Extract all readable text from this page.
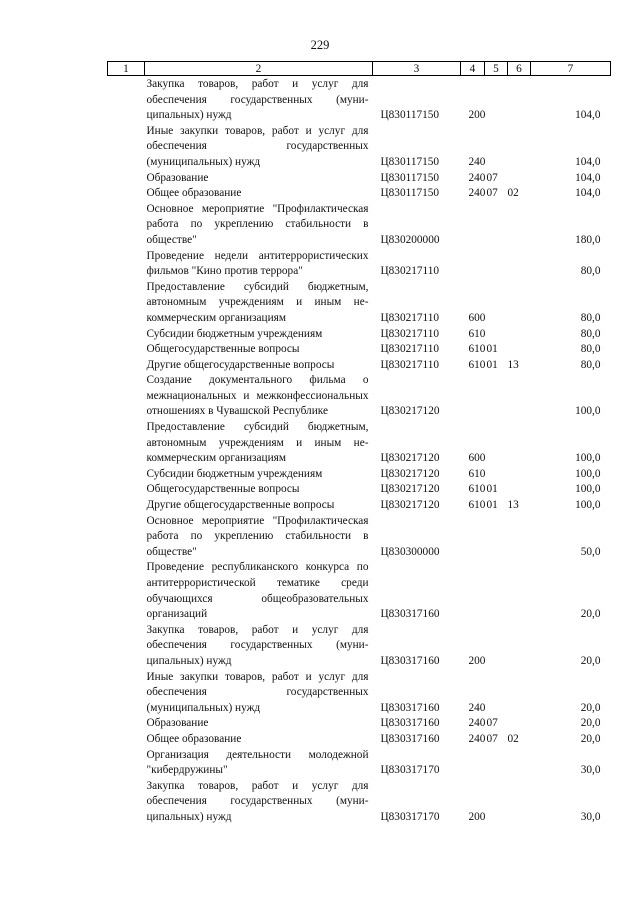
229
1	2	3	4	5	6	7
	Закупка товаров, работ и услуг для обеспечения государственных (муниципальных) нужд	Ц830117150	200			104,0
	Иные закупки товаров, работ и услуг для обеспечения государственных (муниципальных) нужд	Ц830117150	240			104,0
	Образование	Ц830117150	240	07		104,0
	Общее образование	Ц830117150	240	07	02	104,0
	Основное мероприятие "Профилактическая работа по укреплению стабильности в обществе"	Ц830200000				180,0
	Проведение недели антитеррористических фильмов "Кино против террора"	Ц830217110				80,0
	Предоставление субсидий бюджетным, автономным учреждениям и иным некоммерческим организациям	Ц830217110	600			80,0
	Субсидии бюджетным учреждениям	Ц830217110	610			80,0
	Общегосударственные вопросы	Ц830217110	610	01		80,0
	Другие общегосударственные вопросы	Ц830217110	610	01	13	80,0
	Создание документального фильма о межнациональных и межконфессиональных отношениях в Чувашской Республике	Ц830217120				100,0
	Предоставление субсидий бюджетным, автономным учреждениям и иным некоммерческим организациям	Ц830217120	600			100,0
	Субсидии бюджетным учреждениям	Ц830217120	610			100,0
	Общегосударственные вопросы	Ц830217120	610	01		100,0
	Другие общегосударственные вопросы	Ц830217120	610	01	13	100,0
	Основное мероприятие "Профилактическая работа по укреплению стабильности в обществе"	Ц830300000				50,0
	Проведение республиканского конкурса по антитеррористической тематике среди обучающихся общеобразовательных организаций	Ц830317160				20,0
	Закупка товаров, работ и услуг для обеспечения государственных (муниципальных) нужд	Ц830317160	200			20,0
	Иные закупки товаров, работ и услуг для обеспечения государственных (муниципальных) нужд	Ц830317160	240			20,0
	Образование	Ц830317160	240	07		20,0
	Общее образование	Ц830317160	240	07	02	20,0
	Организация деятельности молодежной "кибердружины"	Ц830317170				30,0
	Закупка товаров, работ и услуг для обеспечения государственных (муниципальных) нужд	Ц830317170	200			30,0
